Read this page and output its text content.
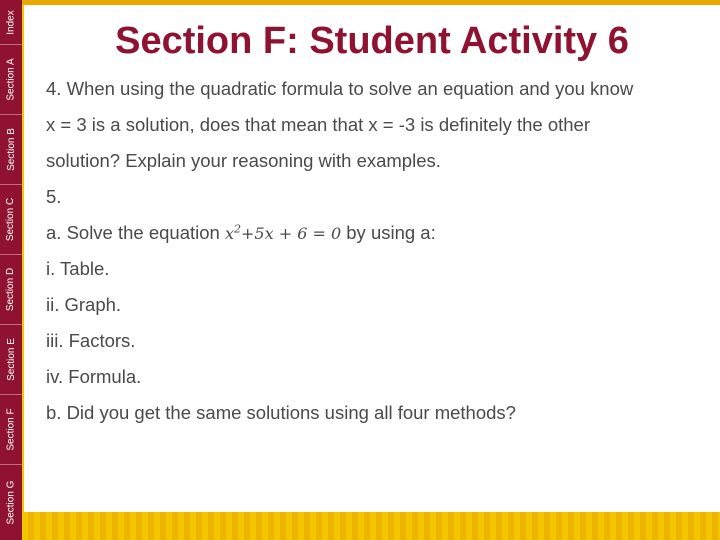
Index
Section A
Section B
Section C
Section D
Section E
Section F
Section G
Section F: Student Activity 6
4. When using the quadratic formula to solve an equation and you know
x = 3 is a solution, does that mean that x = -3 is definitely the other
solution? Explain your reasoning with examples.
5.
a. Solve the equation $x^2+5x + 6 = 0$ by using a:
i. Table.
ii. Graph.
iii. Factors.
iv. Formula.
b. Did you get the same solutions using all four methods?
